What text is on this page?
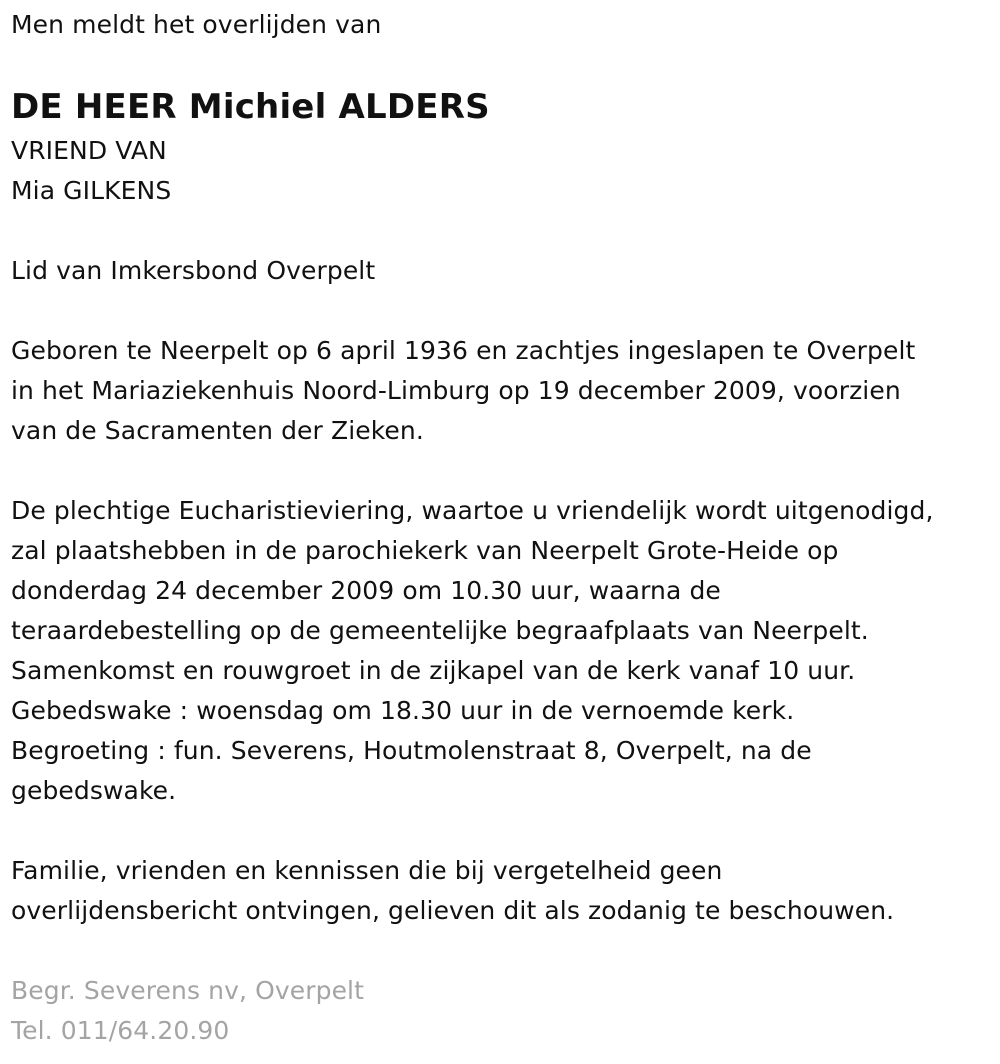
Men meldt het overlijden van
DE HEER Michiel ALDERS
VRIEND VAN
Mia GILKENS
Lid van Imkersbond Overpelt
Geboren te Neerpelt op 6 april 1936 en zachtjes ingeslapen te Overpelt
in het Mariaziekenhuis Noord-Limburg op 19 december 2009, voorzien
van de Sacramenten der Zieken.
De plechtige Eucharistieviering, waartoe u vriendelijk wordt uitgenodigd,
zal plaatshebben in de parochiekerk van Neerpelt Grote-Heide op
donderdag 24 december 2009 om 10.30 uur, waarna de
teraardebestelling op de gemeentelijke begraafplaats van Neerpelt.
Samenkomst en rouwgroet in de zijkapel van de kerk vanaf 10 uur.
Gebedswake : woensdag om 18.30 uur in de vernoemde kerk.
Begroeting : fun. Severens, Houtmolenstraat 8, Overpelt, na de
gebedswake.
Familie, vrienden en kennissen die bij vergetelheid geen
overlijdensbericht ontvingen, gelieven dit als zodanig te beschouwen.
Begr. Severens nv, Overpelt
Tel. 011/64.20.90
